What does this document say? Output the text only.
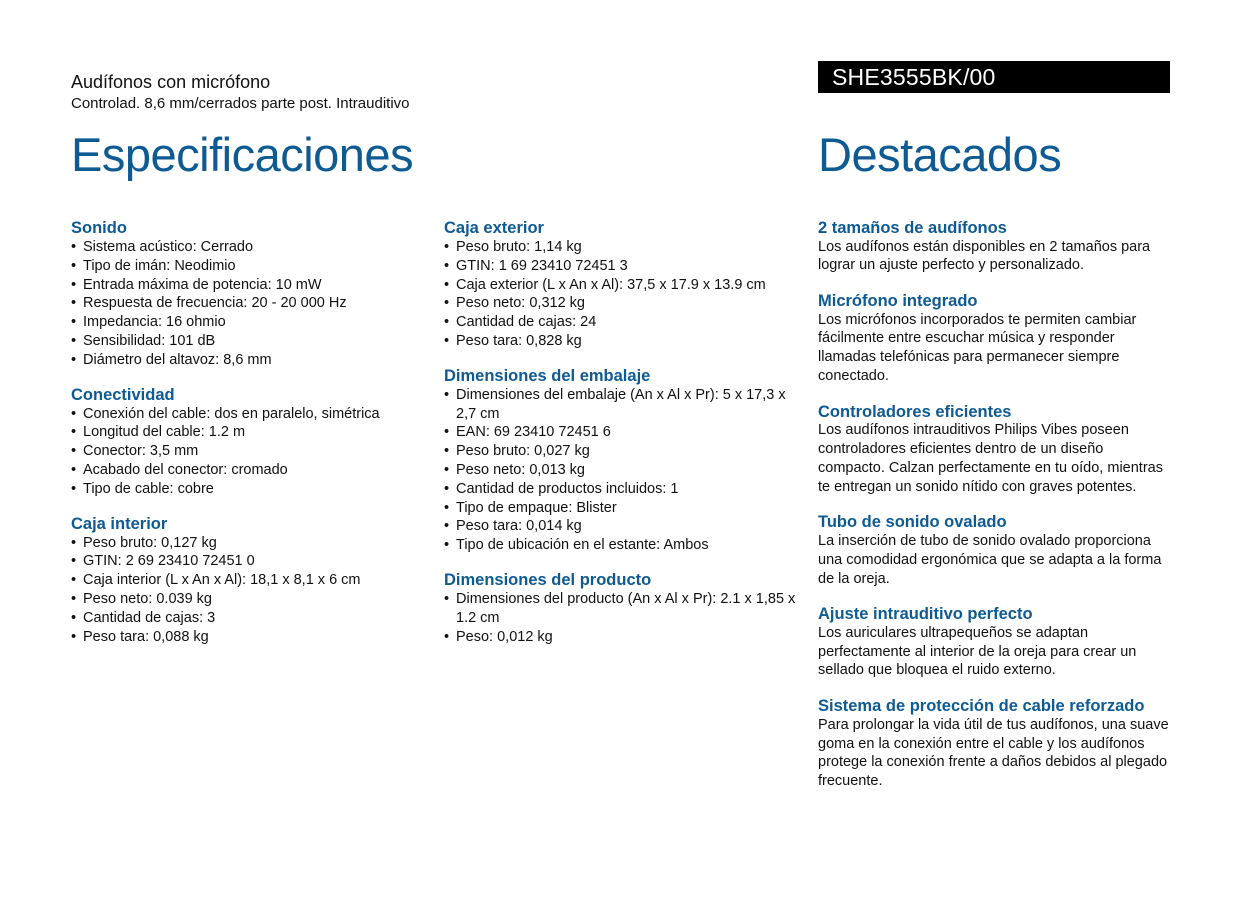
Audífonos con micrófono
Controlad. 8,6 mm/cerrados parte post. Intrauditivo
SHE3555BK/00
Especificaciones	Destacados
Sonido
• Sistema acústico: Cerrado
• Tipo de imán: Neodimio
• Entrada máxima de potencia: 10 mW
• Respuesta de frecuencia: 20 - 20 000 Hz
• Impedancia: 16 ohmio
• Sensibilidad: 101 dB
• Diámetro del altavoz: 8,6 mm
Conectividad
• Conexión del cable: dos en paralelo, simétrica
• Longitud del cable: 1.2 m
• Conector: 3,5 mm
• Acabado del conector: cromado
• Tipo de cable: cobre
Caja interior
• Peso bruto: 0,127 kg
• GTIN: 2 69 23410 72451 0
• Caja interior (L x An x Al): 18,1 x 8,1 x 6 cm
• Peso neto: 0.039 kg
• Cantidad de cajas: 3
• Peso tara: 0,088 kg
Caja exterior
• Peso bruto: 1,14 kg
• GTIN: 1 69 23410 72451 3
• Caja exterior (L x An x Al): 37,5 x 17.9 x 13.9 cm
• Peso neto: 0,312 kg
• Cantidad de cajas: 24
• Peso tara: 0,828 kg
Dimensiones del embalaje
• Dimensiones del embalaje (An x Al x Pr): 5 x 17,3 x 2,7 cm
• EAN: 69 23410 72451 6
• Peso bruto: 0,027 kg
• Peso neto: 0,013 kg
• Cantidad de productos incluidos: 1
• Tipo de empaque: Blister
• Peso tara: 0,014 kg
• Tipo de ubicación en el estante: Ambos
Dimensiones del producto
• Dimensiones del producto (An x Al x Pr): 2.1 x 1,85 x 1.2 cm
• Peso: 0,012 kg
2 tamaños de audífonos

Los audífonos están disponibles en 2 tamaños para lograr un ajuste perfecto y personalizado.

Micrófono integrado

Los micrófonos incorporados te permiten cambiar fácilmente entre escuchar música y responder llamadas telefónicas para permanecer siempre conectado.

Controladores eficientes

Los audífonos intrauditivos Philips Vibes poseen controladores eficientes dentro de un diseño compacto. Calzan perfectamente en tu oído, mientras te entregan un sonido nítido con graves potentes.

Tubo de sonido ovalado

La inserción de tubo de sonido ovalado proporciona una comodidad ergonómica que se adapta a la forma de la oreja.

Ajuste intrauditivo perfecto

Los auriculares ultrapequeños se adaptan perfectamente al interior de la oreja para crear un sellado que bloquea el ruido externo.

Sistema de protección de cable reforzado

Para prolongar la vida útil de tus audífonos, una suave goma en la conexión entre el cable y los audífonos protege la conexión frente a daños debidos al plegado frecuente.
